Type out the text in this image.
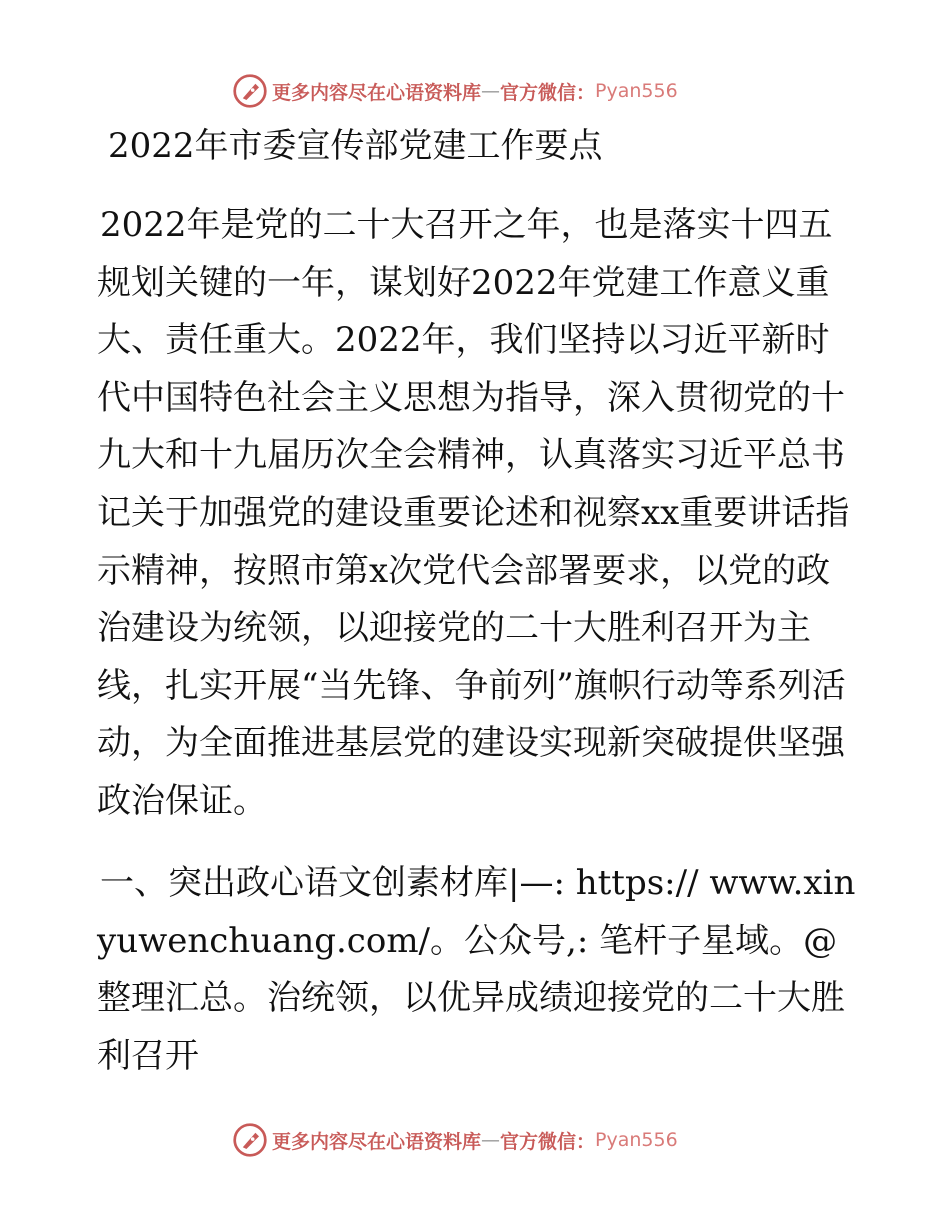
更多内容尽在心语资料库 — 官方微信： Pyan556
2022年市委宣传部党建工作要点

2022年是党的二十大召开之年，也是落实十四五规划关键的一年，谋划好2022年党建工作意义重大、责任重大。2022年，我们坚持以习近平新时代中国特色社会主义思想为指导，深入贯彻党的十九大和十九届历次全会精神，认真落实习近平总书记关于加强党的建设重要论述和视察xx重要讲话指示精神，按照市第x次党代会部署要求，以党的政治建设为统领，以迎接党的二十大胜利召开为主线，扎实开展“当先锋、争前列”旗帜行动等系列活动，为全面推进基层党的建设实现新突破提供坚强政治保证。

一、突出政心语文创素材库|—: https:// www.xinyuwenchuang.com/。公众号,: 笔杆子星域。@整理汇总。治统领，以优异成绩迎接党的二十大胜利召开

更多内容尽在心语资料库 — 官方微信： Pyan556
